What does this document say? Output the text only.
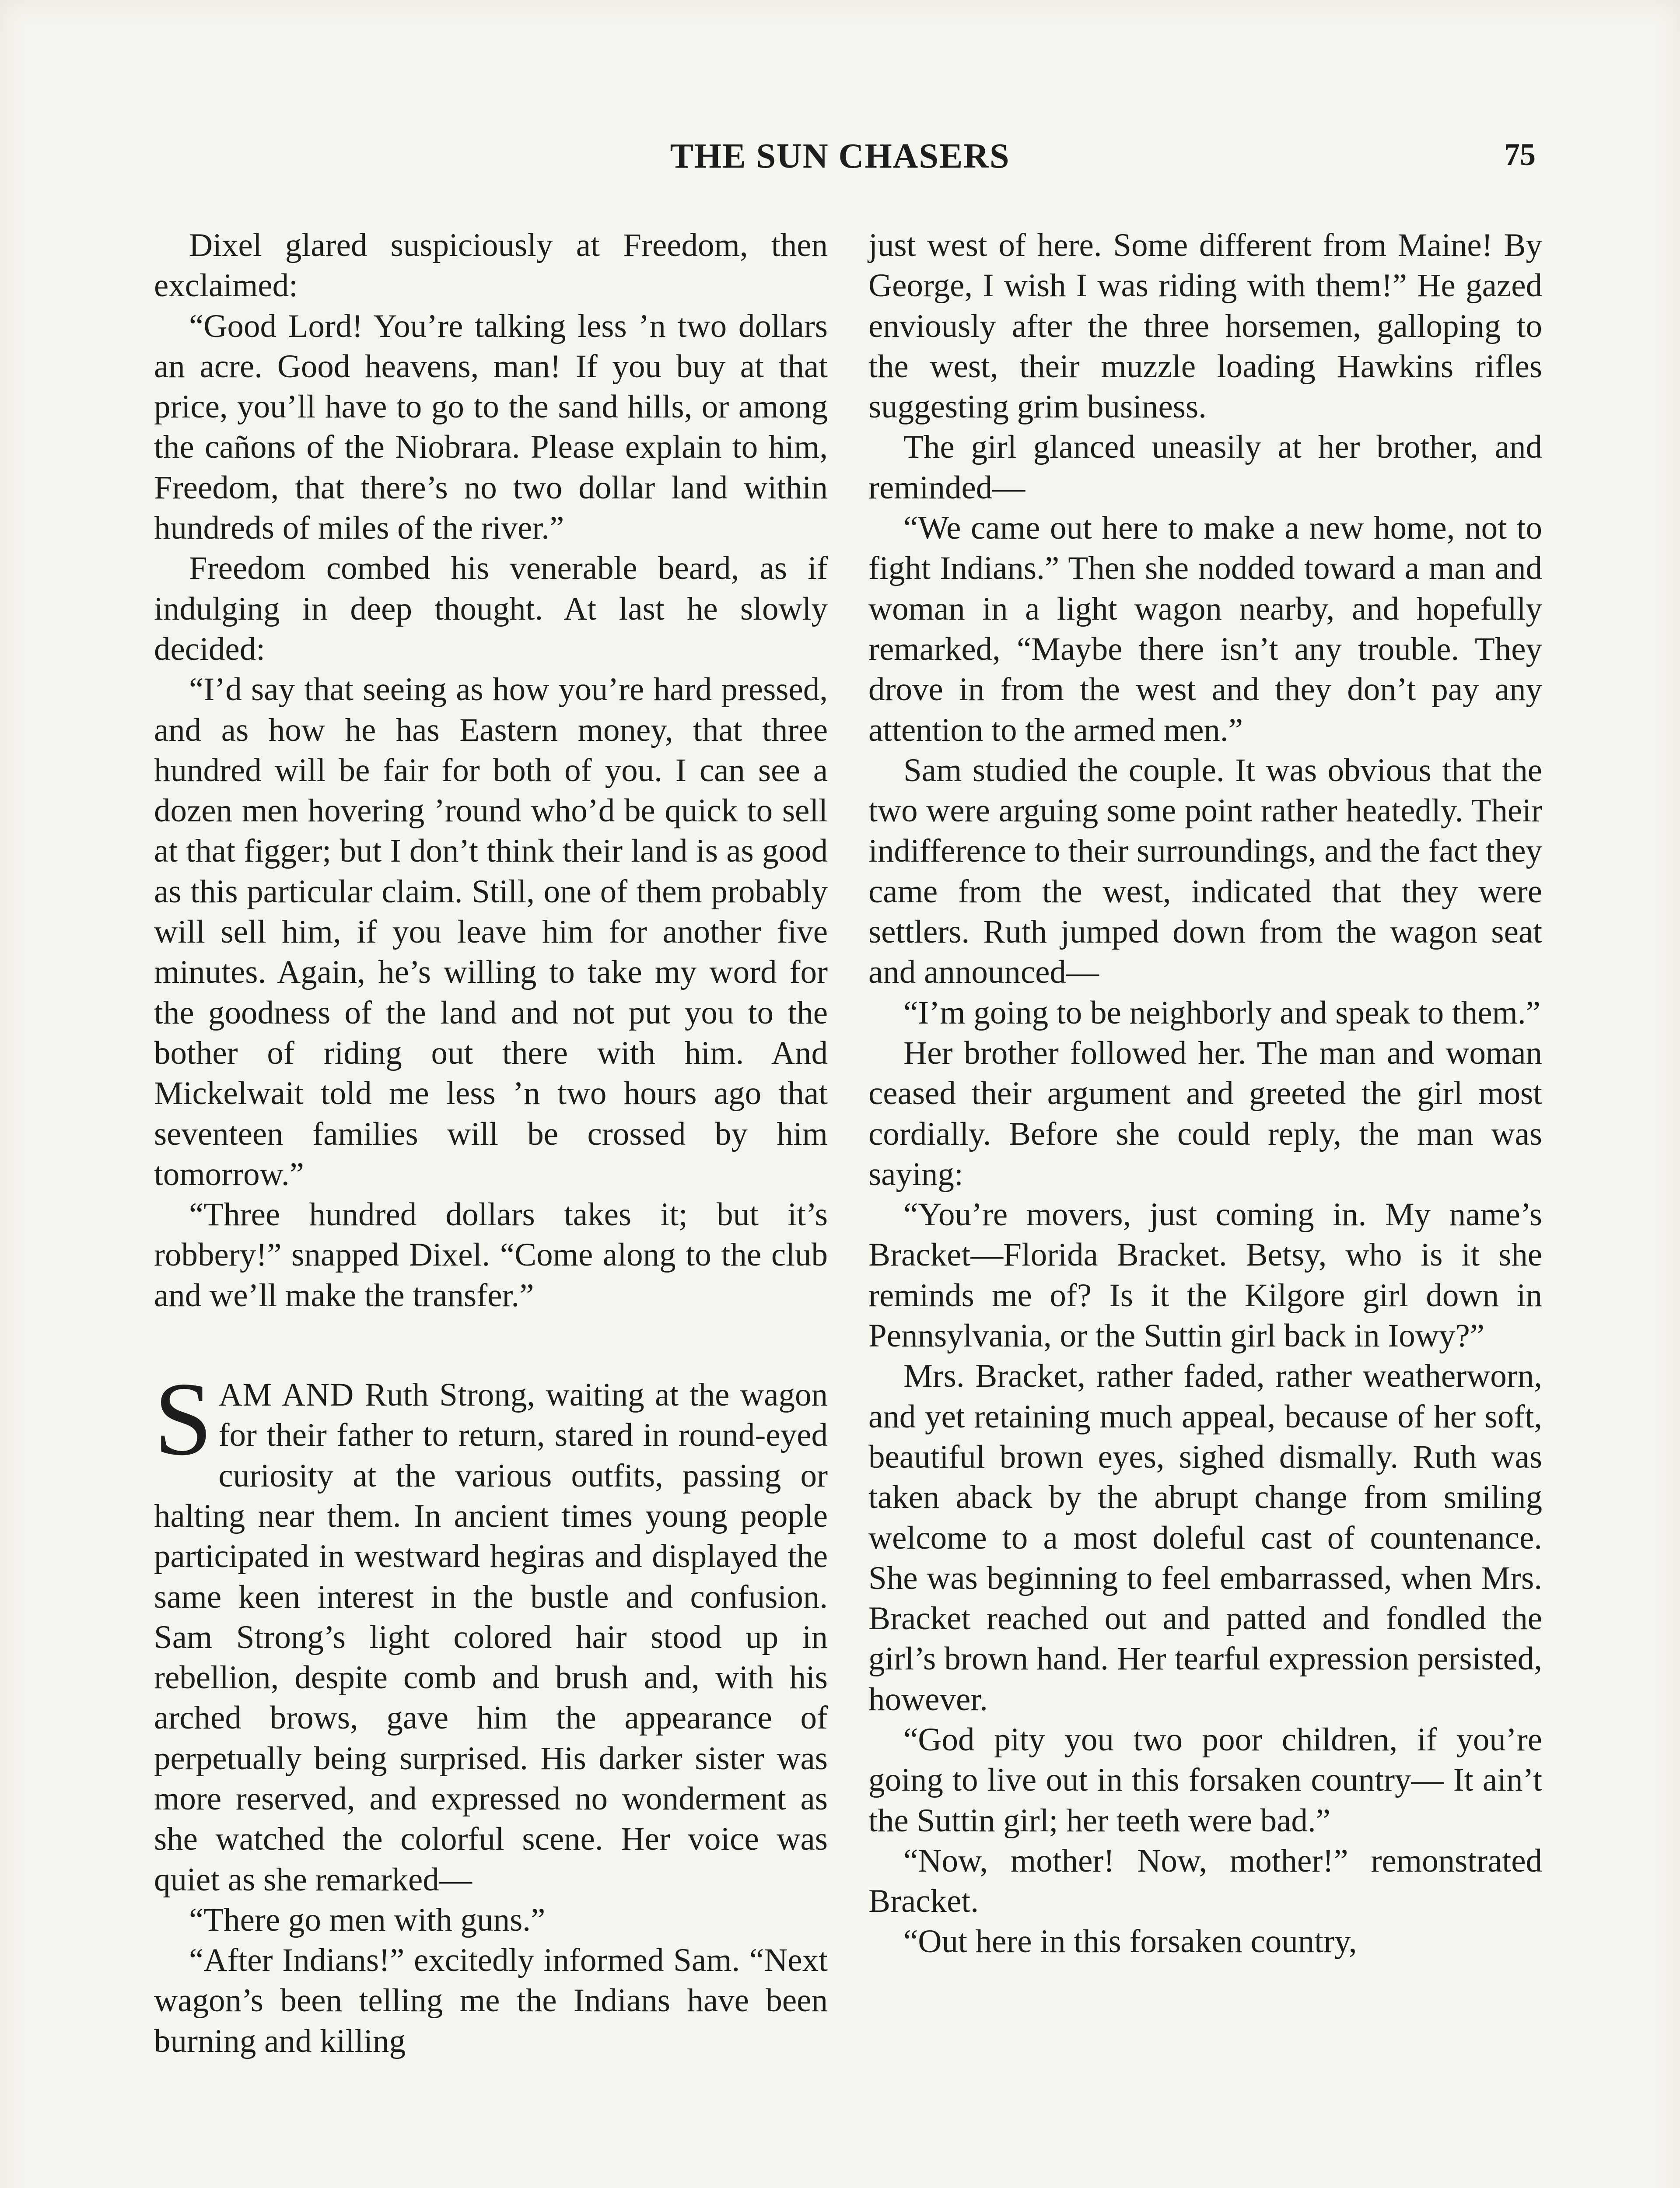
THE SUN CHASERS	75

Dixel glared suspiciously at Freedom, then exclaimed:

“Good Lord! You’re talking less ’n two dollars an acre. Good heavens, man! If you buy at that price, you’ll have to go to the sand hills, or among the cañons of the Niobrara. Please explain to him, Freedom, that there’s no two dollar land within hundreds of miles of the river.”

Freedom combed his venerable beard, as if indulging in deep thought. At last he slowly decided:

“I’d say that seeing as how you’re hard pressed, and as how he has Eastern money, that three hundred will be fair for both of you. I can see a dozen men hovering ’round who’d be quick to sell at that figger; but I don’t think their land is as good as this particular claim. Still, one of them probably will sell him, if you leave him for another five minutes. Again, he’s willing to take my word for the goodness of the land and not put you to the bother of riding out there with him. And Mickelwait told me less ’n two hours ago that seventeen families will be crossed by him tomorrow.”

“Three hundred dollars takes it; but it’s robbery!” snapped Dixel. “Come along to the club and we’ll make the transfer.”

SAM AND Ruth Strong, waiting at the wagon for their father to return, stared in round-eyed curiosity at the various outfits, passing or halting near them. In ancient times young people participated in westward hegiras and displayed the same keen interest in the bustle and confusion. Sam Strong’s light colored hair stood up in rebellion, despite comb and brush and, with his arched brows, gave him the appearance of perpetually being surprised. His darker sister was more reserved, and expressed no wonderment as she watched the colorful scene. Her voice was quiet as she remarked—

“There go men with guns.”

“After Indians!” excitedly informed Sam. “Next wagon’s been telling me the Indians have been burning and killing

just west of here. Some different from Maine! By George, I wish I was riding with them!” He gazed enviously after the three horsemen, galloping to the west, their muzzle loading Hawkins rifles suggesting grim business.

The girl glanced uneasily at her brother, and reminded—

“We came out here to make a new home, not to fight Indians.” Then she nodded toward a man and woman in a light wagon nearby, and hopefully remarked, “Maybe there isn’t any trouble. They drove in from the west and they don’t pay any attention to the armed men.”

Sam studied the couple. It was obvious that the two were arguing some point rather heatedly. Their indifference to their surroundings, and the fact they came from the west, indicated that they were settlers. Ruth jumped down from the wagon seat and announced—

“I’m going to be neighborly and speak to them.”

Her brother followed her. The man and woman ceased their argument and greeted the girl most cordially. Before she could reply, the man was saying:

“You’re movers, just coming in. My name’s Bracket—Florida Bracket. Betsy, who is it she reminds me of? Is it the Kilgore girl down in Pennsylvania, or the Suttin girl back in Iowy?”

Mrs. Bracket, rather faded, rather weatherworn, and yet retaining much appeal, because of her soft, beautiful brown eyes, sighed dismally. Ruth was taken aback by the abrupt change from smiling welcome to a most doleful cast of countenance. She was beginning to feel embarrassed, when Mrs. Bracket reached out and patted and fondled the girl’s brown hand. Her tearful expression persisted, however.

“God pity you two poor children, if you’re going to live out in this forsaken country— It ain’t the Suttin girl; her teeth were bad.”

“Now, mother! Now, mother!” remonstrated Bracket.

“Out here in this forsaken country,
